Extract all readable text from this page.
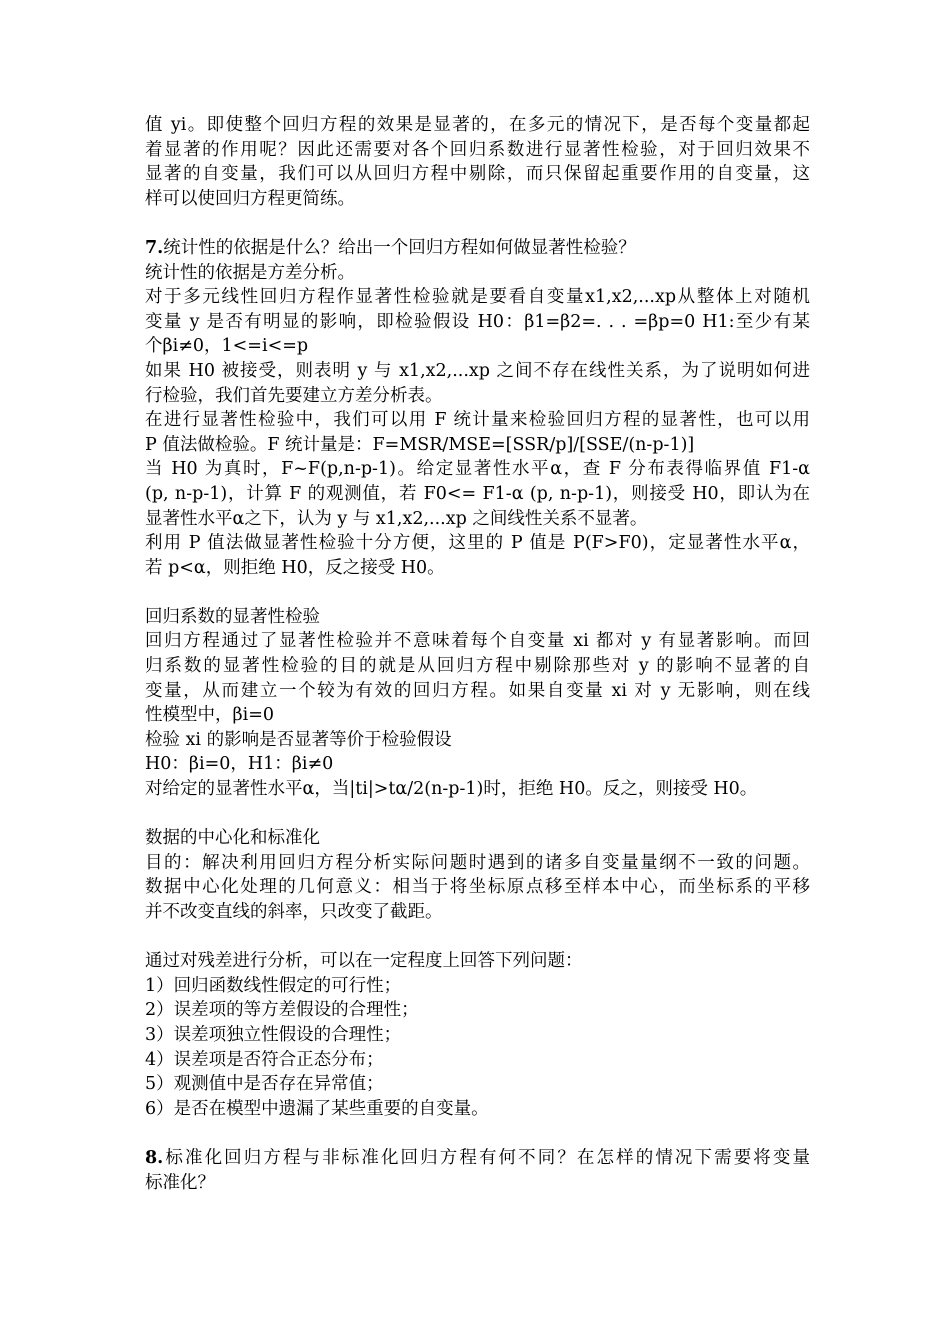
值 yi。即使整个回归方程的效果是显著的，在多元的情况下，是否每个变量都起
着显著的作用呢？因此还需要对各个回归系数进行显著性检验，对于回归效果不
显著的自变量，我们可以从回归方程中剔除，而只保留起重要作用的自变量，这
样可以使回归方程更简练。
7.统计性的依据是什么？给出一个回归方程如何做显著性检验？
统计性的依据是方差分析。
对于多元线性回归方程作显著性检验就是要看自变量x1,x2,...xp从整体上对随机
变量 y 是否有明显的影响，即检验假设 H0：β1=β2=. . . =βp=0 H1:至少有某
个βi≠0，1<=i<=p
如果 H0 被接受，则表明 y 与 x1,x2,...xp 之间不存在线性关系，为了说明如何进
行检验，我们首先要建立方差分析表。
在进行显著性检验中，我们可以用 F 统计量来检验回归方程的显著性，也可以用
P 值法做检验。F 统计量是：F=MSR/MSE=[SSR/p]/[SSE/(n-p-1)]
当 H0 为真时，F~F(p,n-p-1)。给定显著性水平α，查 F 分布表得临界值 F1-α
(p, n-p-1)，计算 F 的观测值，若 F0<= F1-α (p, n-p-1)，则接受 H0，即认为在
显著性水平α之下，认为 y 与 x1,x2,...xp 之间线性关系不显著。
利用 P 值法做显著性检验十分方便，这里的 P 值是 P(F>F0)，定显著性水平α，
若 p<α，则拒绝 H0，反之接受 H0。
回归系数的显著性检验
回归方程通过了显著性检验并不意味着每个自变量 xi 都对 y 有显著影响。而回
归系数的显著性检验的目的就是从回归方程中剔除那些对 y 的影响不显著的自
变量，从而建立一个较为有效的回归方程。如果自变量 xi 对 y 无影响，则在线
性模型中，βi=0
检验 xi 的影响是否显著等价于检验假设
H0：βi=0，H1：βi≠0
对给定的显著性水平α，当|ti|>tα/2(n-p-1)时，拒绝 H0。反之，则接受 H0。
数据的中心化和标准化
目的：解决利用回归方程分析实际问题时遇到的诸多自变量量纲不一致的问题。
数据中心化处理的几何意义：相当于将坐标原点移至样本中心，而坐标系的平移
并不改变直线的斜率，只改变了截距。
通过对残差进行分析，可以在一定程度上回答下列问题：
1）回归函数线性假定的可行性；
2）误差项的等方差假设的合理性；
3）误差项独立性假设的合理性；
4）误差项是否符合正态分布；
5）观测值中是否存在异常值；
6）是否在模型中遗漏了某些重要的自变量。
8.标准化回归方程与非标准化回归方程有何不同？在怎样的情况下需要将变量
标准化？
